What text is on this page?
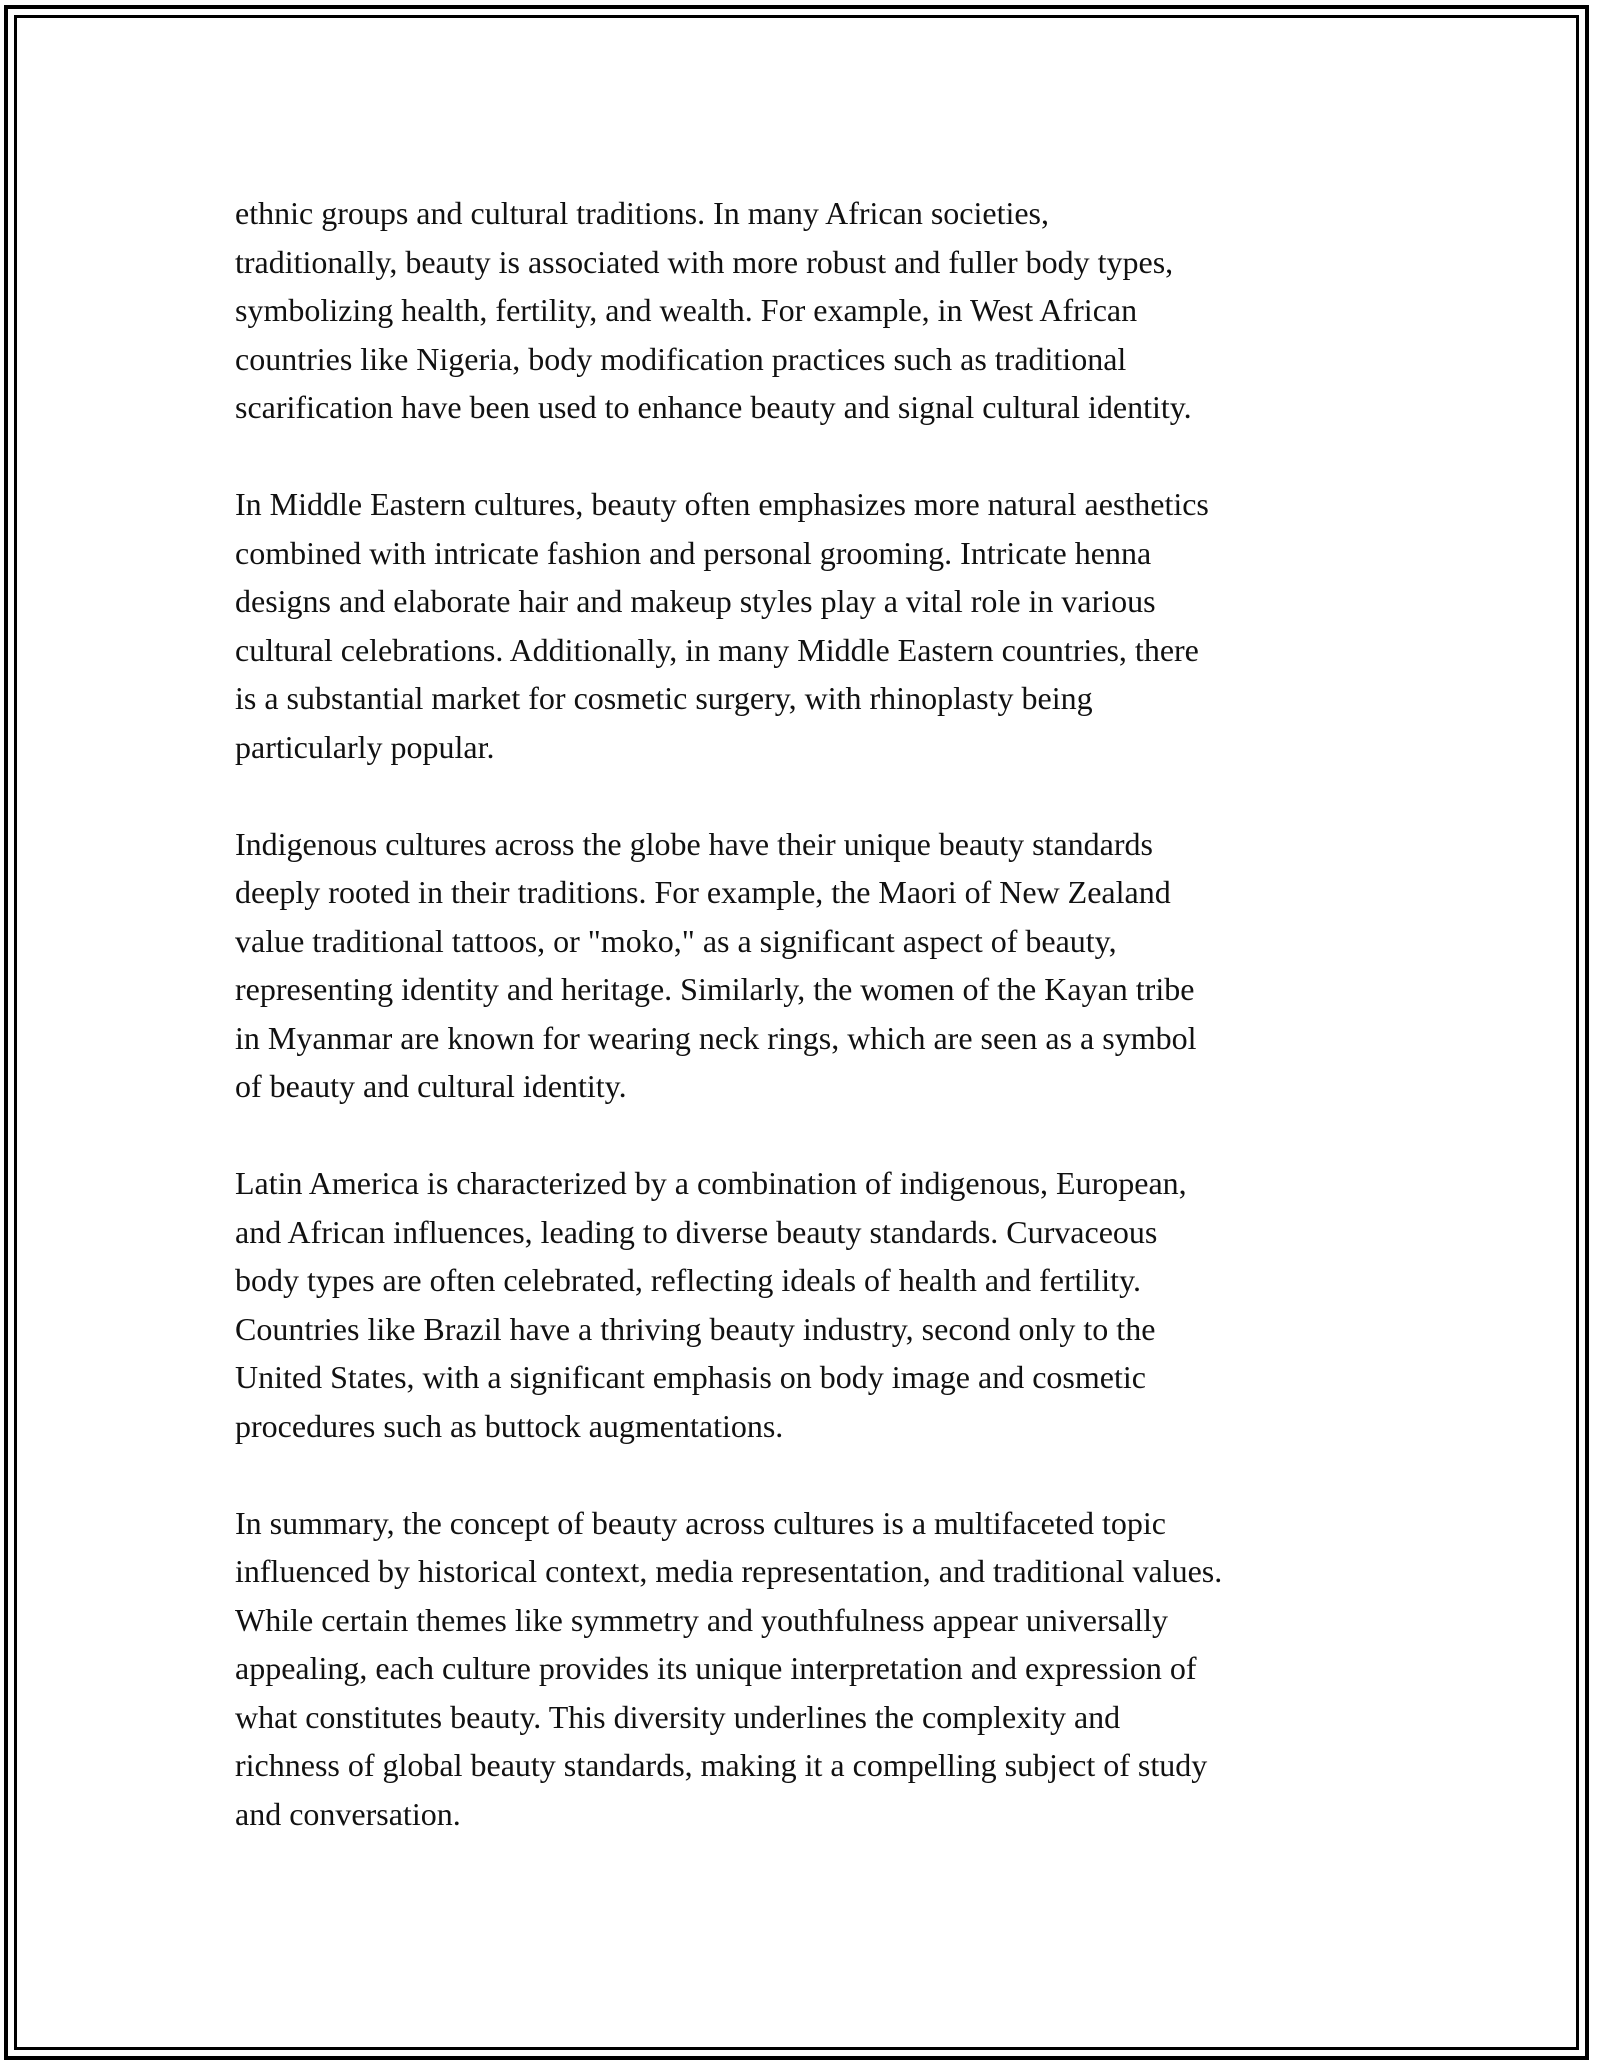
ethnic groups and cultural traditions. In many African societies,
traditionally, beauty is associated with more robust and fuller body types,
symbolizing health, fertility, and wealth. For example, in West African
countries like Nigeria, body modification practices such as traditional
scarification have been used to enhance beauty and signal cultural identity.

In Middle Eastern cultures, beauty often emphasizes more natural aesthetics
combined with intricate fashion and personal grooming. Intricate henna
designs and elaborate hair and makeup styles play a vital role in various
cultural celebrations. Additionally, in many Middle Eastern countries, there
is a substantial market for cosmetic surgery, with rhinoplasty being
particularly popular.

Indigenous cultures across the globe have their unique beauty standards
deeply rooted in their traditions. For example, the Maori of New Zealand
value traditional tattoos, or "moko," as a significant aspect of beauty,
representing identity and heritage. Similarly, the women of the Kayan tribe
in Myanmar are known for wearing neck rings, which are seen as a symbol
of beauty and cultural identity.

Latin America is characterized by a combination of indigenous, European,
and African influences, leading to diverse beauty standards. Curvaceous
body types are often celebrated, reflecting ideals of health and fertility.
Countries like Brazil have a thriving beauty industry, second only to the
United States, with a significant emphasis on body image and cosmetic
procedures such as buttock augmentations.

In summary, the concept of beauty across cultures is a multifaceted topic
influenced by historical context, media representation, and traditional values.
While certain themes like symmetry and youthfulness appear universally
appealing, each culture provides its unique interpretation and expression of
what constitutes beauty. This diversity underlines the complexity and
richness of global beauty standards, making it a compelling subject of study
and conversation.
